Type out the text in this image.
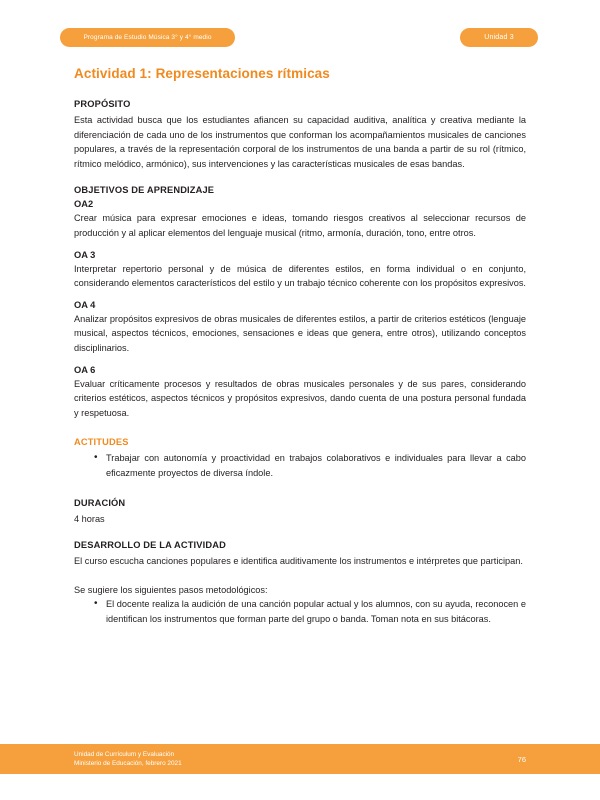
Programa de Estudio Música 3° y 4° medio	Unidad 3
Actividad 1: Representaciones rítmicas
PROPÓSITO

Esta actividad busca que los estudiantes afiancen su capacidad auditiva, analítica y creativa mediante la diferenciación de cada uno de los instrumentos que conforman los acompañamientos musicales de canciones populares, a través de la representación corporal de los instrumentos de una banda a partir de su rol (rítmico, rítmico melódico, armónico), sus intervenciones y las características musicales de esas bandas.

OBJETIVOS DE APRENDIZAJE
OA2

Crear música para expresar emociones e ideas, tomando riesgos creativos al seleccionar recursos de producción y al aplicar elementos del lenguaje musical (ritmo, armonía, duración, tono, entre otros.

OA 3

Interpretar repertorio personal y de música de diferentes estilos, en forma individual o en conjunto, considerando elementos característicos del estilo y un trabajo técnico coherente con los propósitos expresivos.

OA 4

Analizar propósitos expresivos de obras musicales de diferentes estilos, a partir de criterios estéticos (lenguaje musical, aspectos técnicos, emociones, sensaciones e ideas que genera, entre otros), utilizando conceptos disciplinarios.

OA 6

Evaluar críticamente procesos y resultados de obras musicales personales y de sus pares, considerando criterios estéticos, aspectos técnicos y propósitos expresivos, dando cuenta de una postura personal fundada y respetuosa.

ACTITUDES
• Trabajar con autonomía y proactividad en trabajos colaborativos e individuales para llevar a cabo eficazmente proyectos de diversa índole.
DURACIÓN

4 horas

DESARROLLO DE LA ACTIVIDAD

El curso escucha canciones populares e identifica auditivamente los instrumentos e intérpretes que participan.

Se sugiere los siguientes pasos metodológicos:

• El docente realiza la audición de una canción popular actual y los alumnos, con su ayuda, reconocen e identifican los instrumentos que forman parte del grupo o banda. Toman nota en sus bitácoras.
Unidad de Currículum y Evaluación
Ministerio de Educación, febrero 2021	76
